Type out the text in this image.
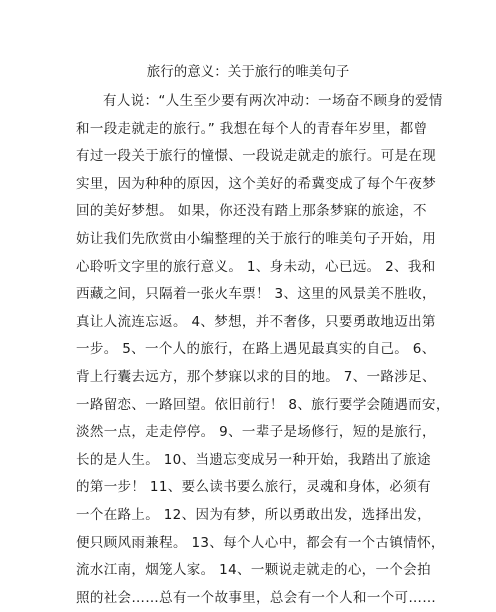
旅行的意义：关于旅行的唯美句子
有人说：“人生至少要有两次冲动：一场奋不顾身的爱情
和一段走就走的旅行。” 我想在每个人的青春年岁里，都曾
有过一段关于旅行的憧憬、一段说走就走的旅行。可是在现
实里，因为种种的原因，这个美好的希冀变成了每个午夜梦
回的美好梦想。 如果，你还没有踏上那条梦寐的旅途，不
妨让我们先欣赏由小编整理的关于旅行的唯美句子开始，用
心聆听文字里的旅行意义。 1、身未动，心已远。 2、我和
西藏之间，只隔着一张火车票！ 3、这里的风景美不胜收，
真让人流连忘返。 4、梦想，并不奢侈，只要勇敢地迈出第
一步。 5、一个人的旅行，在路上遇见最真实的自己。 6、
背上行囊去远方，那个梦寐以求的目的地。 7、一路涉足、
一路留恋、一路回望。依旧前行！ 8、旅行要学会随遇而安，
淡然一点，走走停停。 9、一辈子是场修行，短的是旅行，
长的是人生。 10、当遗忘变成另一种开始，我踏出了旅途
的第一步！ 11、要么读书要么旅行，灵魂和身体，必须有
一个在路上。 12、因为有梦，所以勇敢出发，选择出发，
便只顾风雨兼程。 13、每个人心中，都会有一个古镇情怀，
流水江南，烟笼人家。 14、一颗说走就走的心，一个会拍
照的社会……总有一个故事里，总会有一个人和一个可……
